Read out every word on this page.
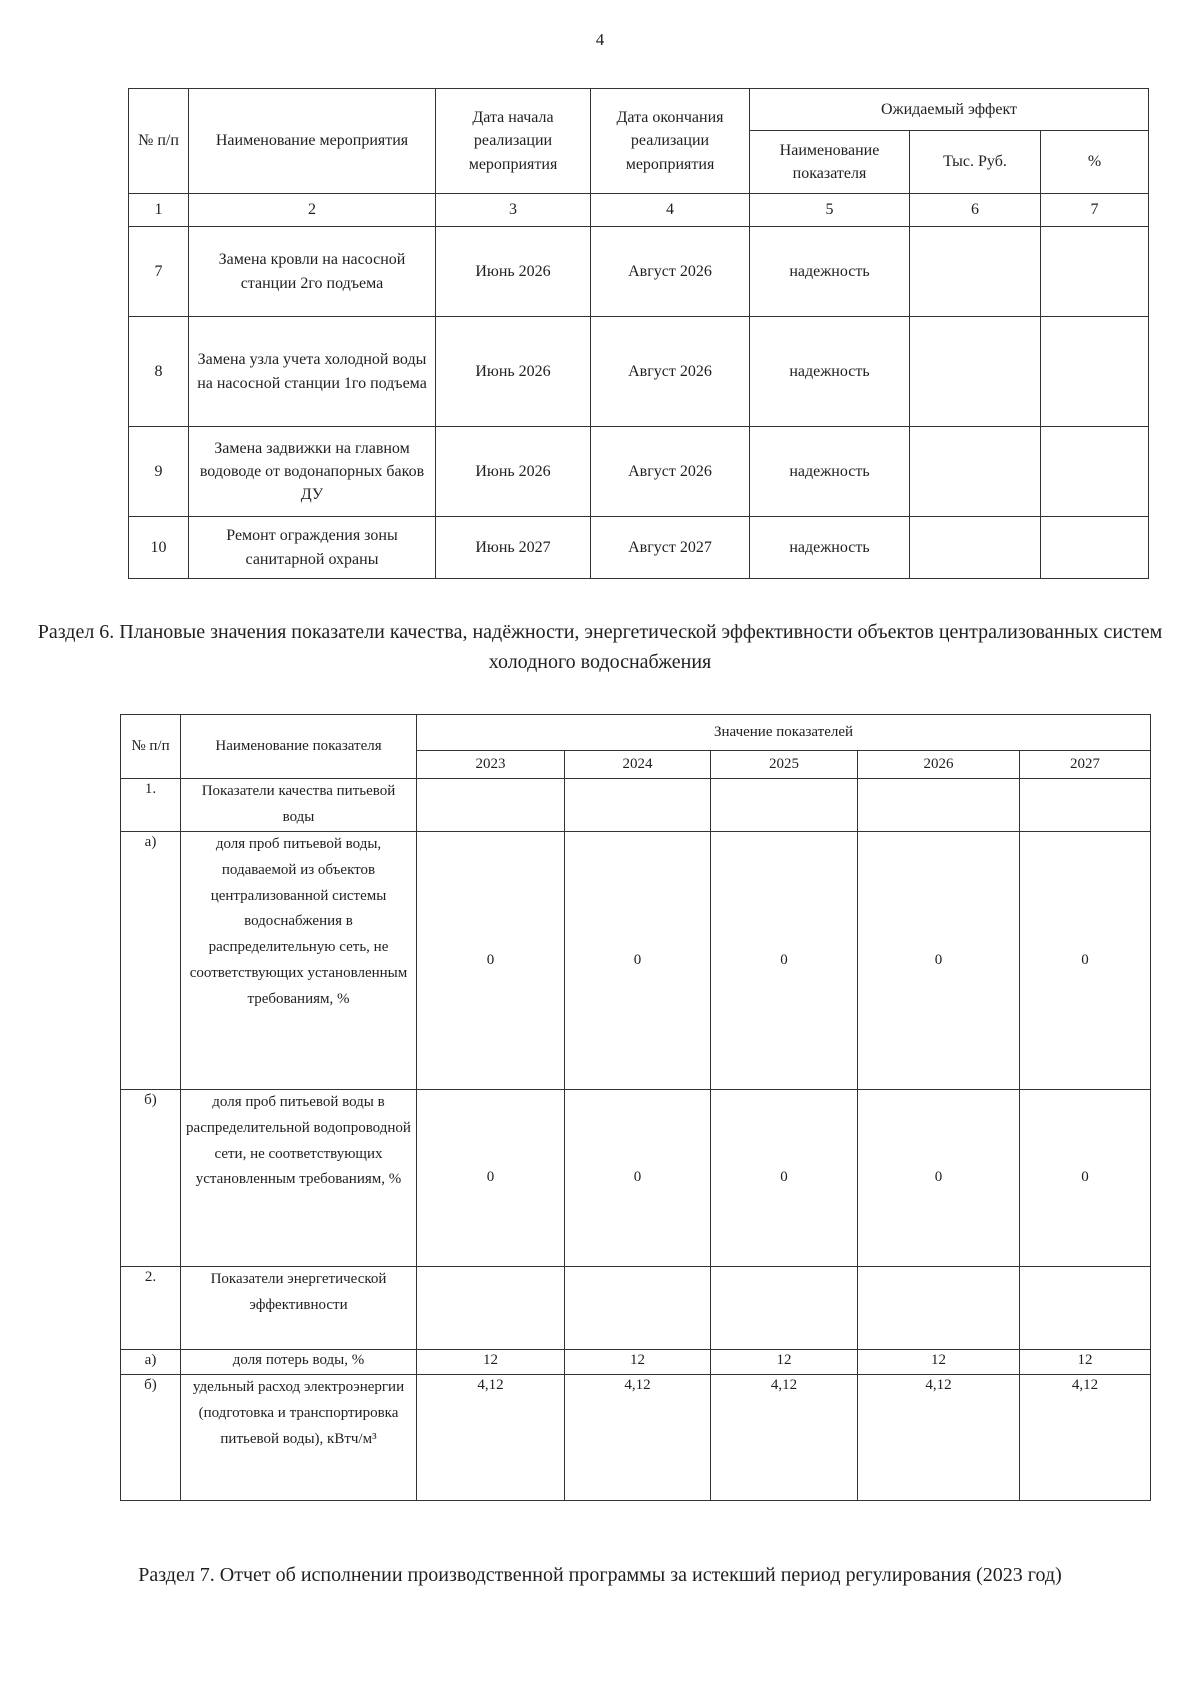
4
№ п/п	Наименование мероприятия	Дата начала реализации мероприятия	Дата окончания реализации мероприятия	Ожидаемый эффект		
				Наименование показателя	Тыс. Руб.	%
1	2	3	4	5	6	7
7	Замена кровли на насосной станции 2го подъема	Июнь 2026	Август 2026	надежность		
8	Замена узла учета холодной воды на насосной станции 1го подъема	Июнь 2026	Август 2026	надежность		
9	Замена задвижки на главном водоводе от водонапорных баков ДУ	Июнь 2026	Август 2026	надежность		
10	Ремонт ограждения зоны санитарной охраны	Июнь 2027	Август 2027	надежность		
Раздел 6. Плановые значения показатели качества, надёжности, энергетической эффективности объектов централизованных систем холодного водоснабжения
№ п/п	Наименование показателя	Значение показателей				
		2023	2024	2025	2026	2027
1.	Показатели качества питьевой воды					
а)	доля проб питьевой воды, подаваемой из объектов централизованной системы водоснабжения в распределительную сеть, не соответствующих установленным требованиям, %	0	0	0	0	0
б)	доля проб питьевой воды в распределительной водопроводной сети, не соответствующих установленным требованиям, %	0	0	0	0	0
2.	Показатели энергетической эффективности					
а)	доля потерь воды, %	12	12	12	12	12
б)	удельный расход электроэнергии (подготовка и транспортировка питьевой воды), кВтч/м³	4,12	4,12	4,12	4,12	4,12
Раздел 7. Отчет об исполнении производственной программы за истекший период регулирования (2023 год)
